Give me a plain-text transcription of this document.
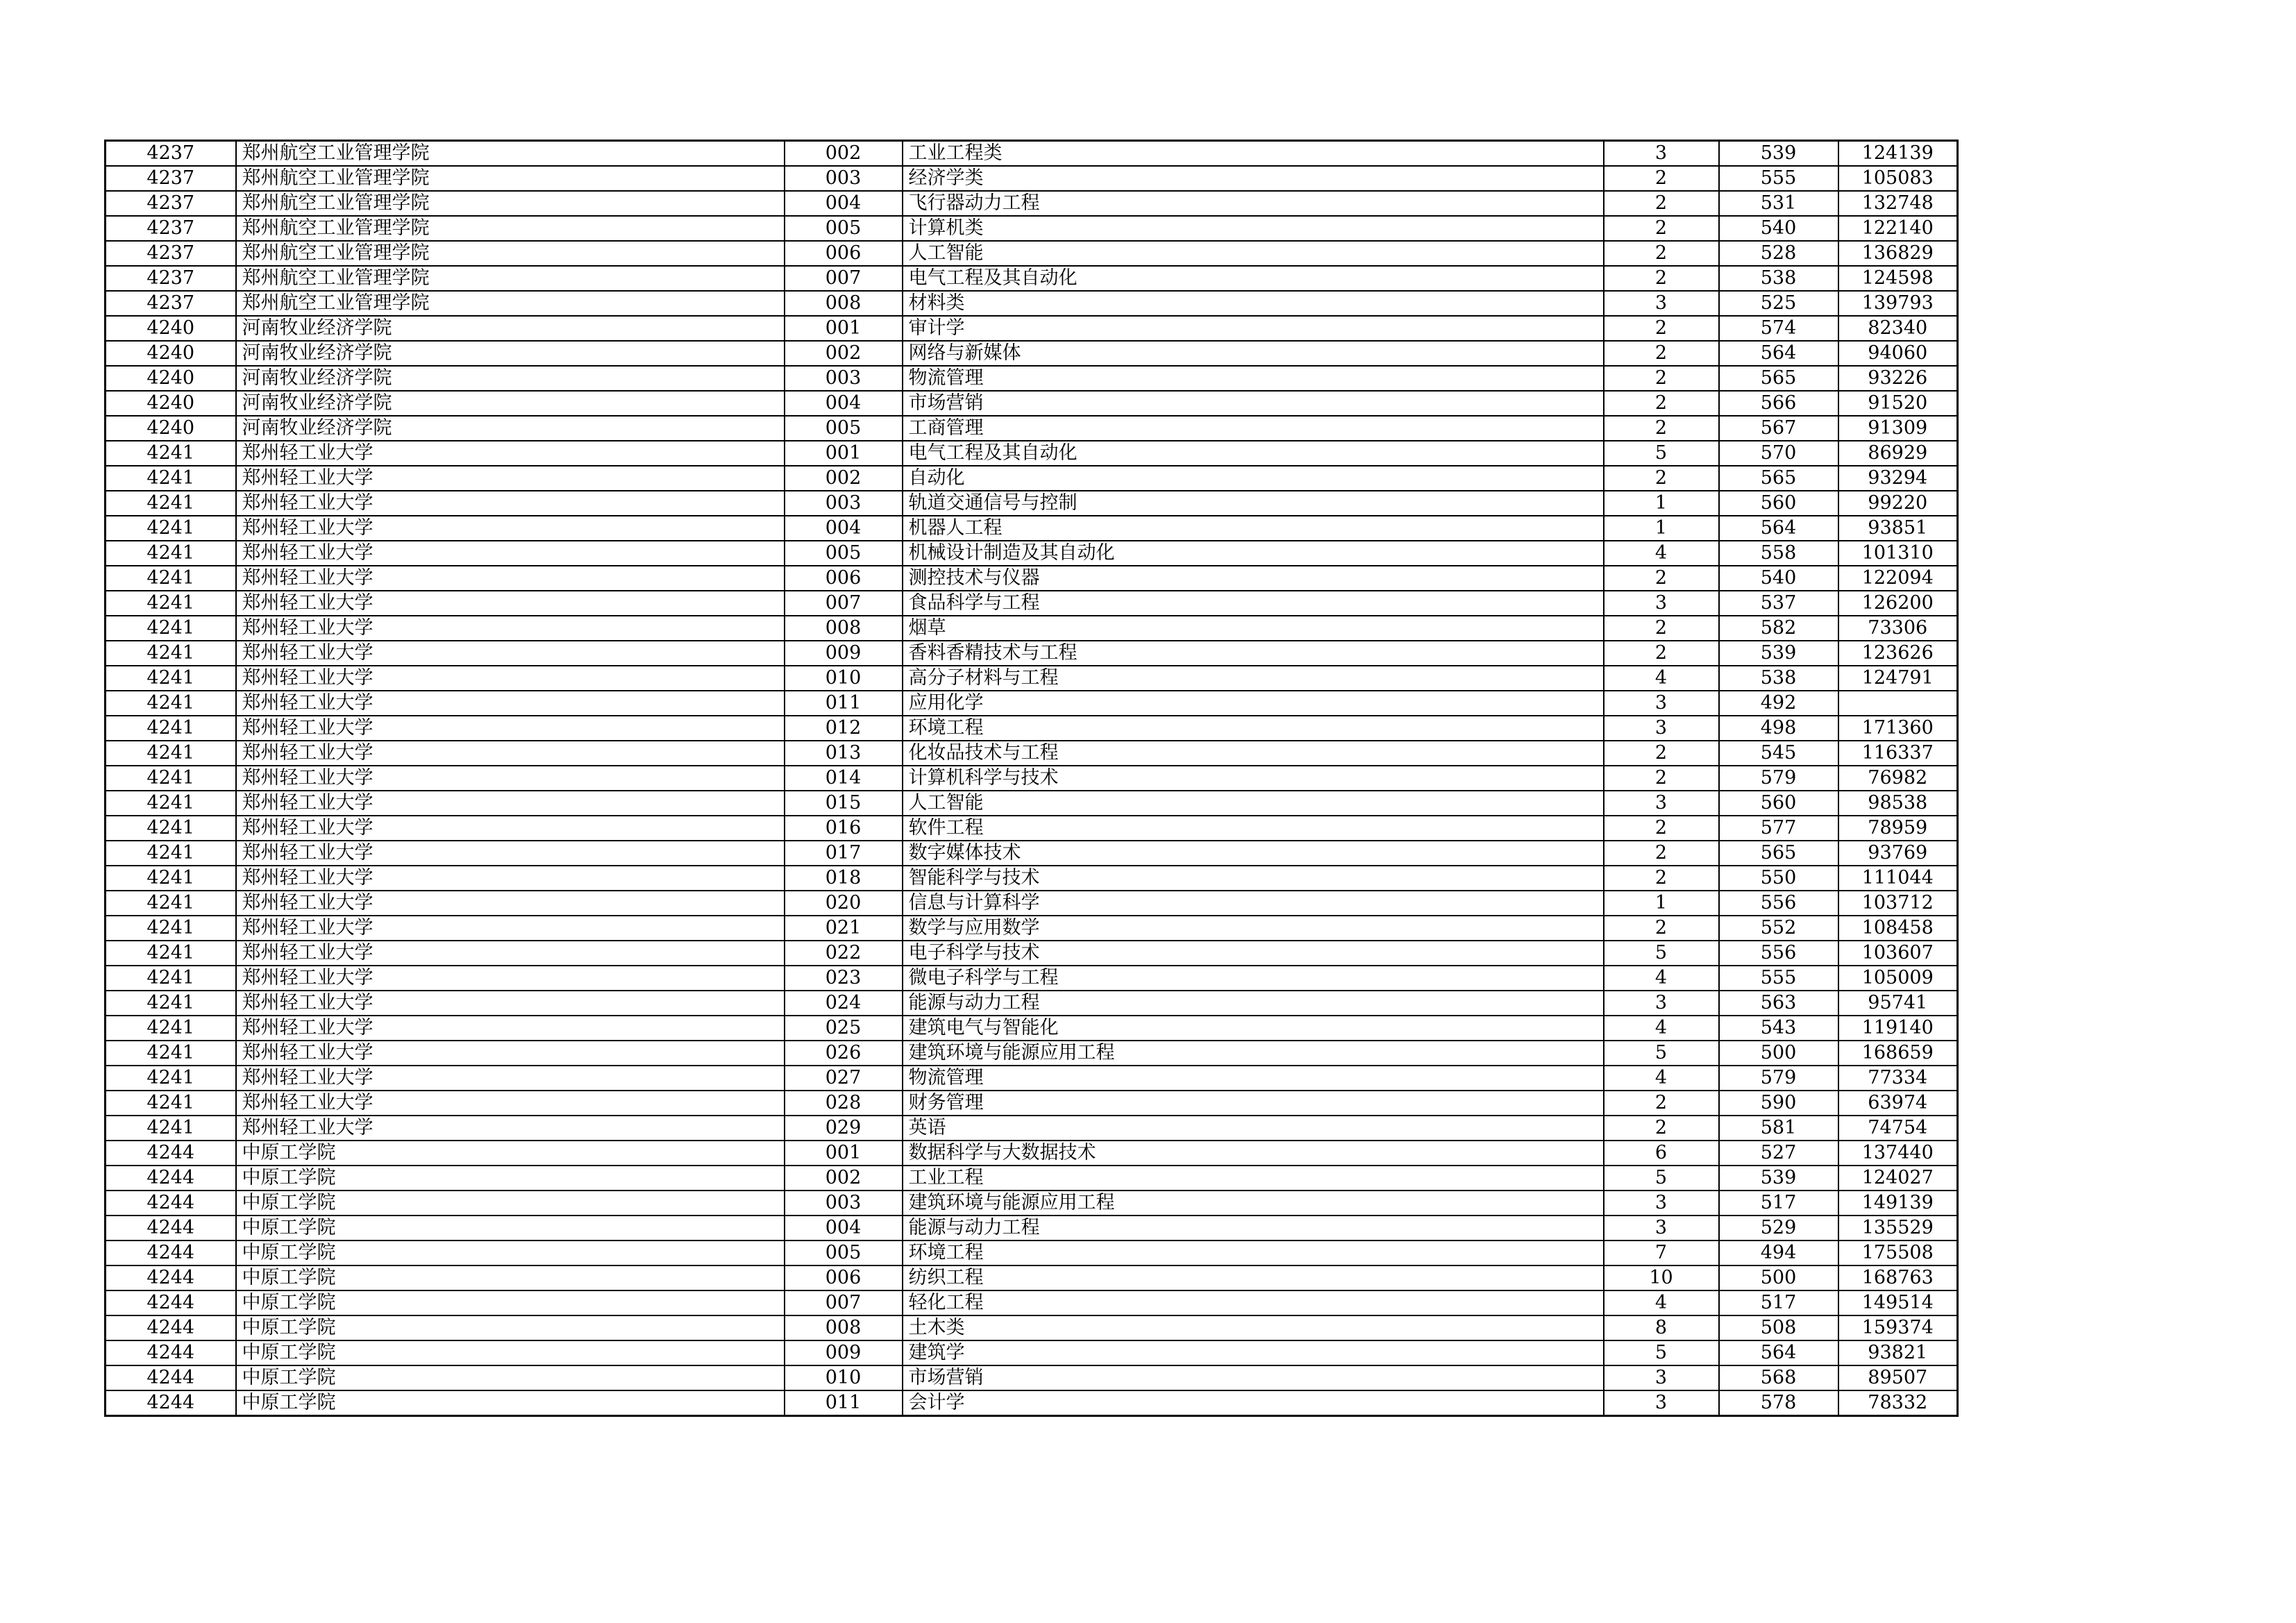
4237	郑州航空工业管理学院	002	工业工程类	3	539	124139
4237	郑州航空工业管理学院	003	经济学类	2	555	105083
4237	郑州航空工业管理学院	004	飞行器动力工程	2	531	132748
4237	郑州航空工业管理学院	005	计算机类	2	540	122140
4237	郑州航空工业管理学院	006	人工智能	2	528	136829
4237	郑州航空工业管理学院	007	电气工程及其自动化	2	538	124598
4237	郑州航空工业管理学院	008	材料类	3	525	139793
4240	河南牧业经济学院	001	审计学	2	574	82340
4240	河南牧业经济学院	002	网络与新媒体	2	564	94060
4240	河南牧业经济学院	003	物流管理	2	565	93226
4240	河南牧业经济学院	004	市场营销	2	566	91520
4240	河南牧业经济学院	005	工商管理	2	567	91309
4241	郑州轻工业大学	001	电气工程及其自动化	5	570	86929
4241	郑州轻工业大学	002	自动化	2	565	93294
4241	郑州轻工业大学	003	轨道交通信号与控制	1	560	99220
4241	郑州轻工业大学	004	机器人工程	1	564	93851
4241	郑州轻工业大学	005	机械设计制造及其自动化	4	558	101310
4241	郑州轻工业大学	006	测控技术与仪器	2	540	122094
4241	郑州轻工业大学	007	食品科学与工程	3	537	126200
4241	郑州轻工业大学	008	烟草	2	582	73306
4241	郑州轻工业大学	009	香料香精技术与工程	2	539	123626
4241	郑州轻工业大学	010	高分子材料与工程	4	538	124791
4241	郑州轻工业大学	011	应用化学	3	492	
4241	郑州轻工业大学	012	环境工程	3	498	171360
4241	郑州轻工业大学	013	化妆品技术与工程	2	545	116337
4241	郑州轻工业大学	014	计算机科学与技术	2	579	76982
4241	郑州轻工业大学	015	人工智能	3	560	98538
4241	郑州轻工业大学	016	软件工程	2	577	78959
4241	郑州轻工业大学	017	数字媒体技术	2	565	93769
4241	郑州轻工业大学	018	智能科学与技术	2	550	111044
4241	郑州轻工业大学	020	信息与计算科学	1	556	103712
4241	郑州轻工业大学	021	数学与应用数学	2	552	108458
4241	郑州轻工业大学	022	电子科学与技术	5	556	103607
4241	郑州轻工业大学	023	微电子科学与工程	4	555	105009
4241	郑州轻工业大学	024	能源与动力工程	3	563	95741
4241	郑州轻工业大学	025	建筑电气与智能化	4	543	119140
4241	郑州轻工业大学	026	建筑环境与能源应用工程	5	500	168659
4241	郑州轻工业大学	027	物流管理	4	579	77334
4241	郑州轻工业大学	028	财务管理	2	590	63974
4241	郑州轻工业大学	029	英语	2	581	74754
4244	中原工学院	001	数据科学与大数据技术	6	527	137440
4244	中原工学院	002	工业工程	5	539	124027
4244	中原工学院	003	建筑环境与能源应用工程	3	517	149139
4244	中原工学院	004	能源与动力工程	3	529	135529
4244	中原工学院	005	环境工程	7	494	175508
4244	中原工学院	006	纺织工程	10	500	168763
4244	中原工学院	007	轻化工程	4	517	149514
4244	中原工学院	008	土木类	8	508	159374
4244	中原工学院	009	建筑学	5	564	93821
4244	中原工学院	010	市场营销	3	568	89507
4244	中原工学院	011	会计学	3	578	78332
